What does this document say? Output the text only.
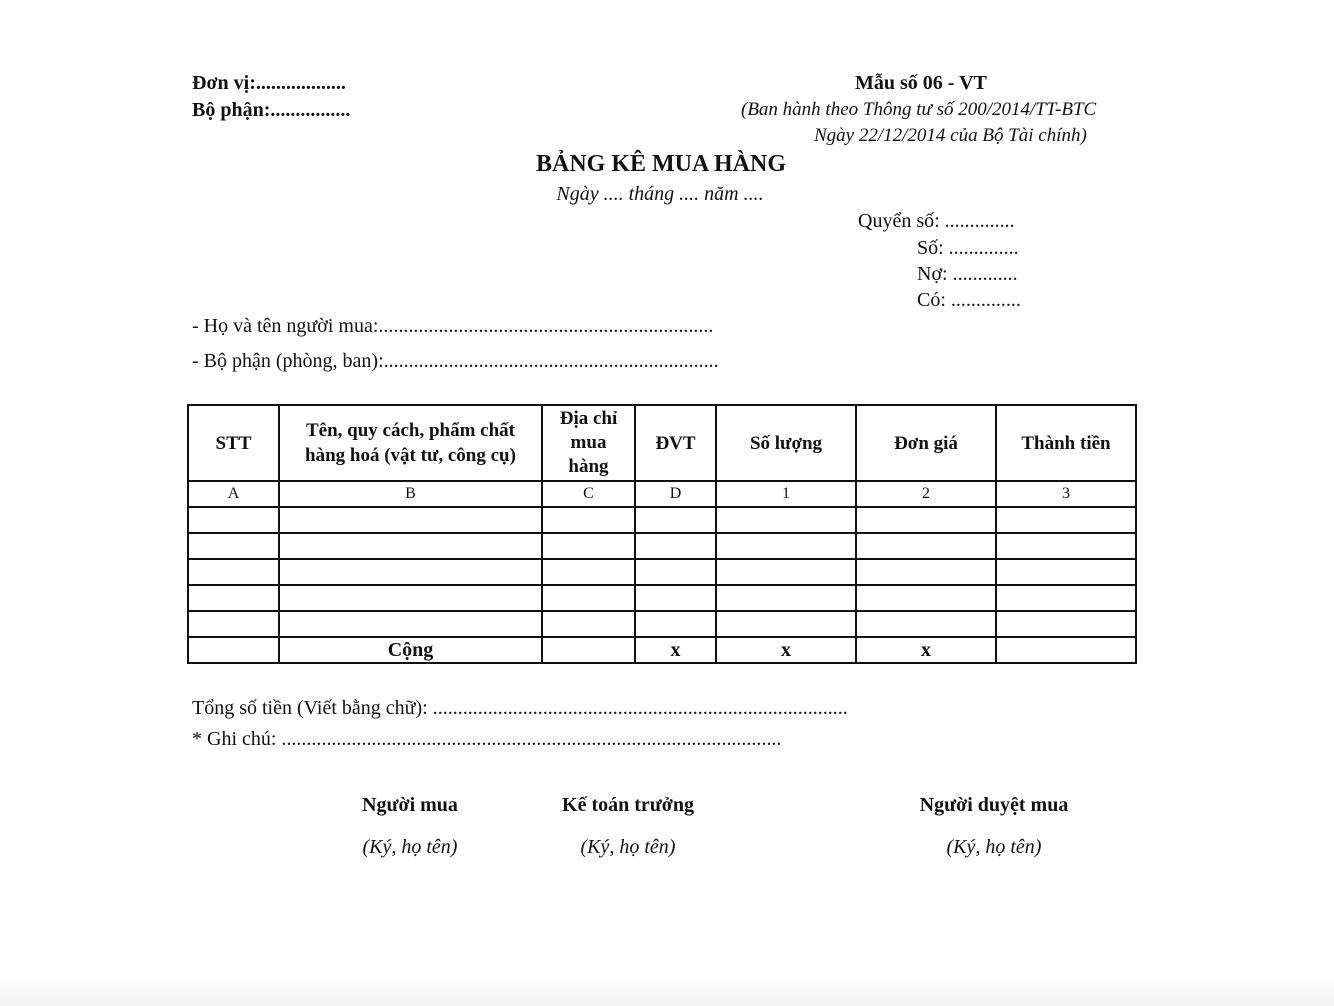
Đơn vị:..................
Bộ phận:................
Mẫu số 06 - VT
(Ban hành theo Thông tư số 200/2014/TT-BTC
Ngày 22/12/2014 của Bộ Tài chính)
BẢNG KÊ MUA HÀNG
Ngày .... tháng .... năm ....
Quyển số: ..............
Số: ..............
Nợ: .............
Có: ..............
- Họ và tên người mua:...................................................................
- Bộ phận (phòng, ban):...................................................................
STT	Tên, quy cách, phẩm chất hàng hoá (vật tư, công cụ)	Địa chỉ mua hàng	ĐVT	Số lượng	Đơn giá	Thành tiền
A	B	C	D	1	2	3

	Cộng		x	x	x	
Tổng số tiền (Viết bằng chữ): ...................................................................................
* Ghi chú: ....................................................................................................
Người mua
(Ký, họ tên)
Kế toán trưởng
(Ký, họ tên)
Người duyệt mua
(Ký, họ tên)
